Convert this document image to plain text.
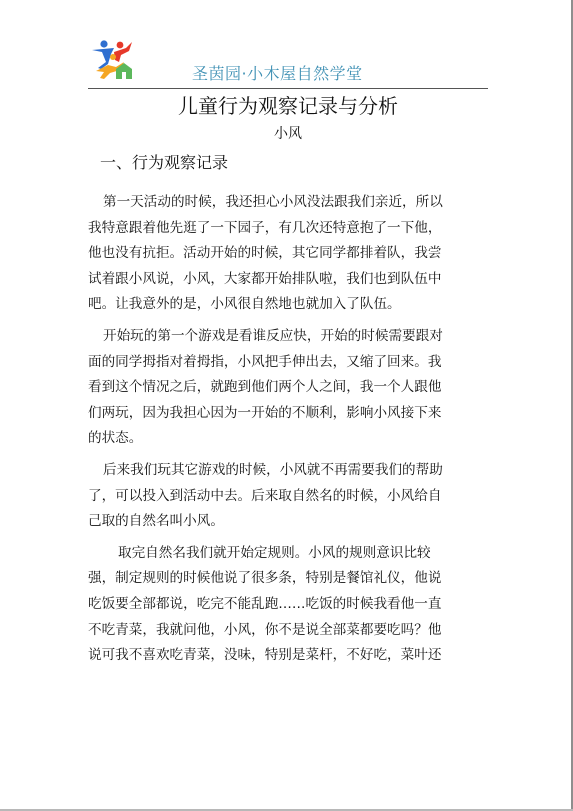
圣茵园·小木屋自然学堂
儿童行为观察记录与分析
小风
一、行为观察记录

第一天活动的时候，我还担心小风没法跟我们亲近，所以
我特意跟着他先逛了一下园子，有几次还特意抱了一下他，
他也没有抗拒。活动开始的时候，其它同学都排着队，我尝
试着跟小风说，小风，大家都开始排队啦，我们也到队伍中
吧。让我意外的是，小风很自然地也就加入了队伍。

开始玩的第一个游戏是看谁反应快，开始的时候需要跟对
面的同学拇指对着拇指，小风把手伸出去，又缩了回来。我
看到这个情况之后，就跑到他们两个人之间，我一个人跟他
们两玩，因为我担心因为一开始的不顺利，影响小风接下来
的状态。

后来我们玩其它游戏的时候，小风就不再需要我们的帮助
了，可以投入到活动中去。后来取自然名的时候，小风给自
己取的自然名叫小风。

取完自然名我们就开始定规则。小风的规则意识比较
强，制定规则的时候他说了很多条，特别是餐馆礼仪，他说
吃饭要全部都说，吃完不能乱跑……吃饭的时候我看他一直
不吃青菜，我就问他，小风，你不是说全部菜都要吃吗？他
说可我不喜欢吃青菜，没味，特别是菜杆，不好吃，菜叶还
